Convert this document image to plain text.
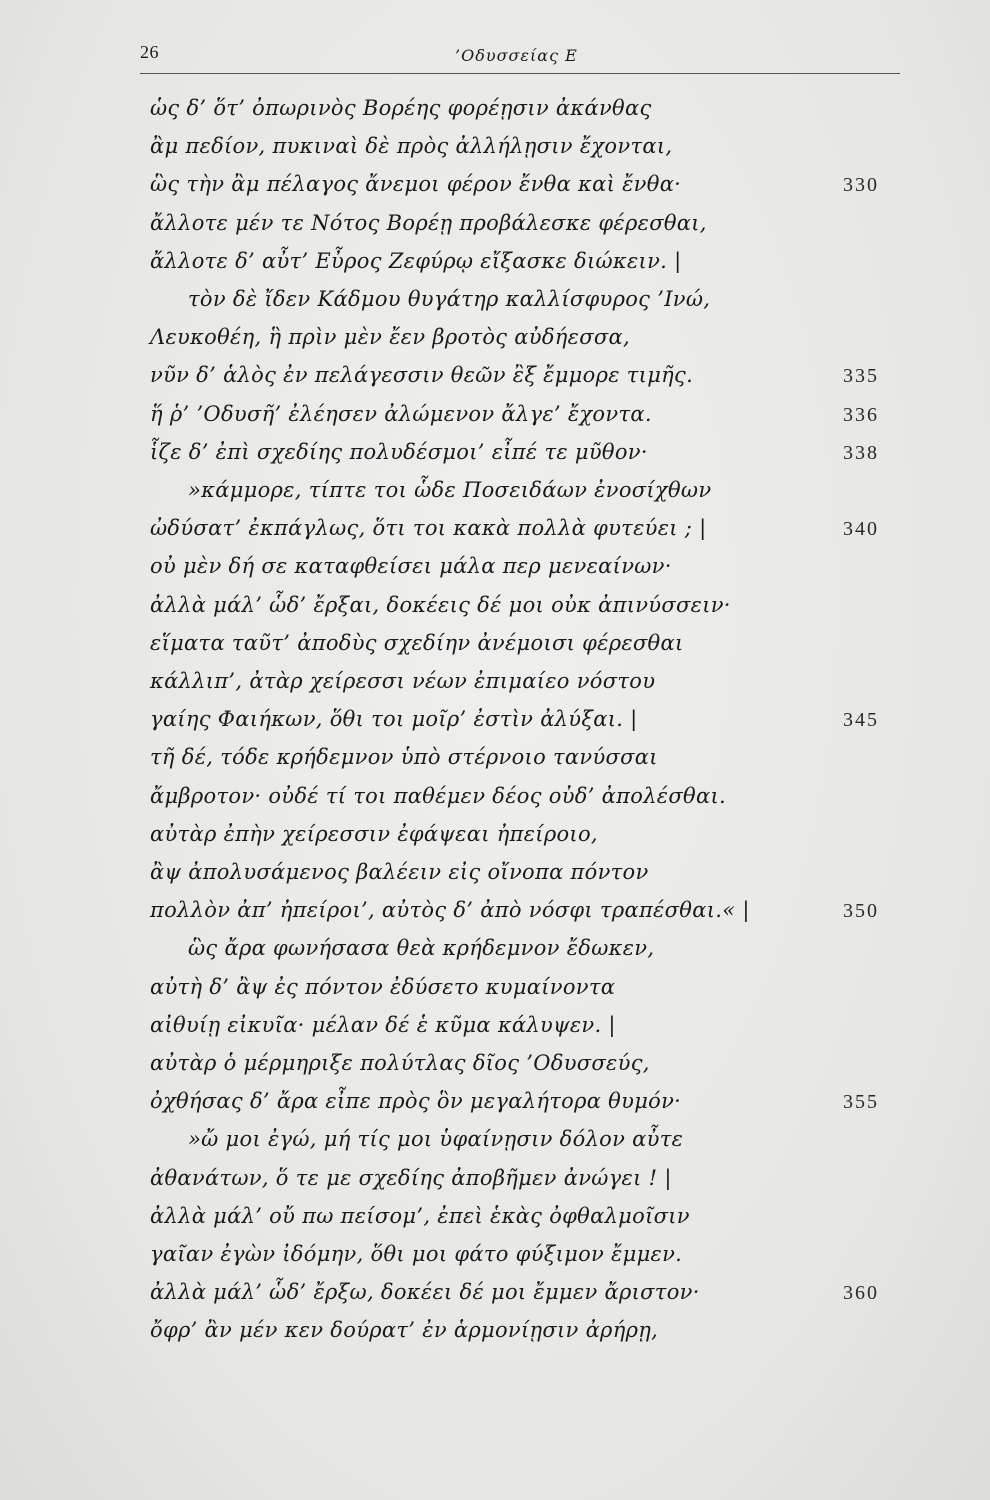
26	’Οδυσσείας Ε
ὡς δ’ ὅτ’ ὀπωρινὸς Βορέης φορέῃσιν ἀκάνθας
ἂμ πεδίον, πυκιναὶ δὲ πρὸς ἀλλήλῃσιν ἔχονται,
ὣς τὴν ἂμ πέλαγος ἄνεμοι φέρον ἔνθα καὶ ἔνθα·	330
ἄλλοτε μέν τε Νότος Βορέῃ προβάλεσκε φέρεσθαι,
ἄλλοτε δ’ αὖτ’ Εὖρος Ζεφύρῳ εἴξασκε διώκειν. |
τὸν δὲ ἴδεν Κάδμου θυγάτηρ καλλίσφυρος ’Ινώ,
Λευκοθέη, ἣ πρὶν μὲν ἔεν βροτὸς αὐδήεσσα,
νῦν δ’ ἁλὸς ἐν πελάγεσσιν θεῶν ἒξ ἔμμορε τιμῆς.	335
ἥ ῥ’ ’Οδυσῆ’ ἐλέησεν ἀλώμενον ἄλγε’ ἔχοντα.	336
ἷζε δ’ ἐπὶ σχεδίης πολυδέσμοι’ εἶπέ τε μῦθον·	338
»κάμμορε, τίπτε τοι ὧδε Ποσειδάων ἐνοσίχθων
ὠδύσατ’ ἐκπάγλως, ὅτι τοι κακὰ πολλὰ φυτεύει ; |	340
οὐ μὲν δή σε καταφθείσει μάλα περ μενεαίνων·
ἀλλὰ μάλ’ ὧδ’ ἔρξαι, δοκέεις δέ μοι οὐκ ἀπινύσσειν·
εἵματα ταῦτ’ ἀποδὺς σχεδίην ἀνέμοισι φέρεσθαι
κάλλιπ’, ἀτὰρ χείρεσσι νέων ἐπιμαίεο νόστου
γαίης Φαιήκων, ὅθι τοι μοῖρ’ ἐστὶν ἀλύξαι. |	345
τῆ δέ, τόδε κρήδεμνον ὑπὸ στέρνοιο τανύσσαι
ἄμβροτον· οὐδέ τί τοι παθέμεν δέος οὐδ’ ἀπολέσθαι.
αὐτὰρ ἐπὴν χείρεσσιν ἐφάψεαι ἠπείροιο,
ἂψ ἀπολυσάμενος βαλέειν εἰς οἴνοπα πόντον
πολλὸν ἀπ’ ἠπείροι’, αὐτὸς δ’ ἀπὸ νόσφι τραπέσθαι.« |	350
ὣς ἄρα φωνήσασα θεὰ κρήδεμνον ἔδωκεν,
αὐτὴ δ’ ἂψ ἐς πόντον ἐδύσετο κυμαίνοντα
αἰθυίῃ εἰκυῖα· μέλαν δέ ἑ κῦμα κάλυψεν. |
αὐτὰρ ὁ μέρμηριξε πολύτλας δῖος ’Οδυσσεύς,
ὀχθήσας δ’ ἄρα εἶπε πρὸς ὃν μεγαλήτορα θυμόν·	355
»ὤ μοι ἐγώ, μή τίς μοι ὑφαίνῃσιν δόλον αὖτε
ἀθανάτων, ὅ τε με σχεδίης ἀποβῆμεν ἀνώγει ! |
ἀλλὰ μάλ’ οὔ πω πείσομ’, ἐπεὶ ἑκὰς ὀφθαλμοῖσιν
γαῖαν ἐγὼν ἰδόμην, ὅθι μοι φάτο φύξιμον ἔμμεν.
ἀλλὰ μάλ’ ὧδ’ ἔρξω, δοκέει δέ μοι ἔμμεν ἄριστον·	360
ὄφρ’ ἂν μέν κεν δούρατ’ ἐν ἁρμονίῃσιν ἀρήρῃ,
